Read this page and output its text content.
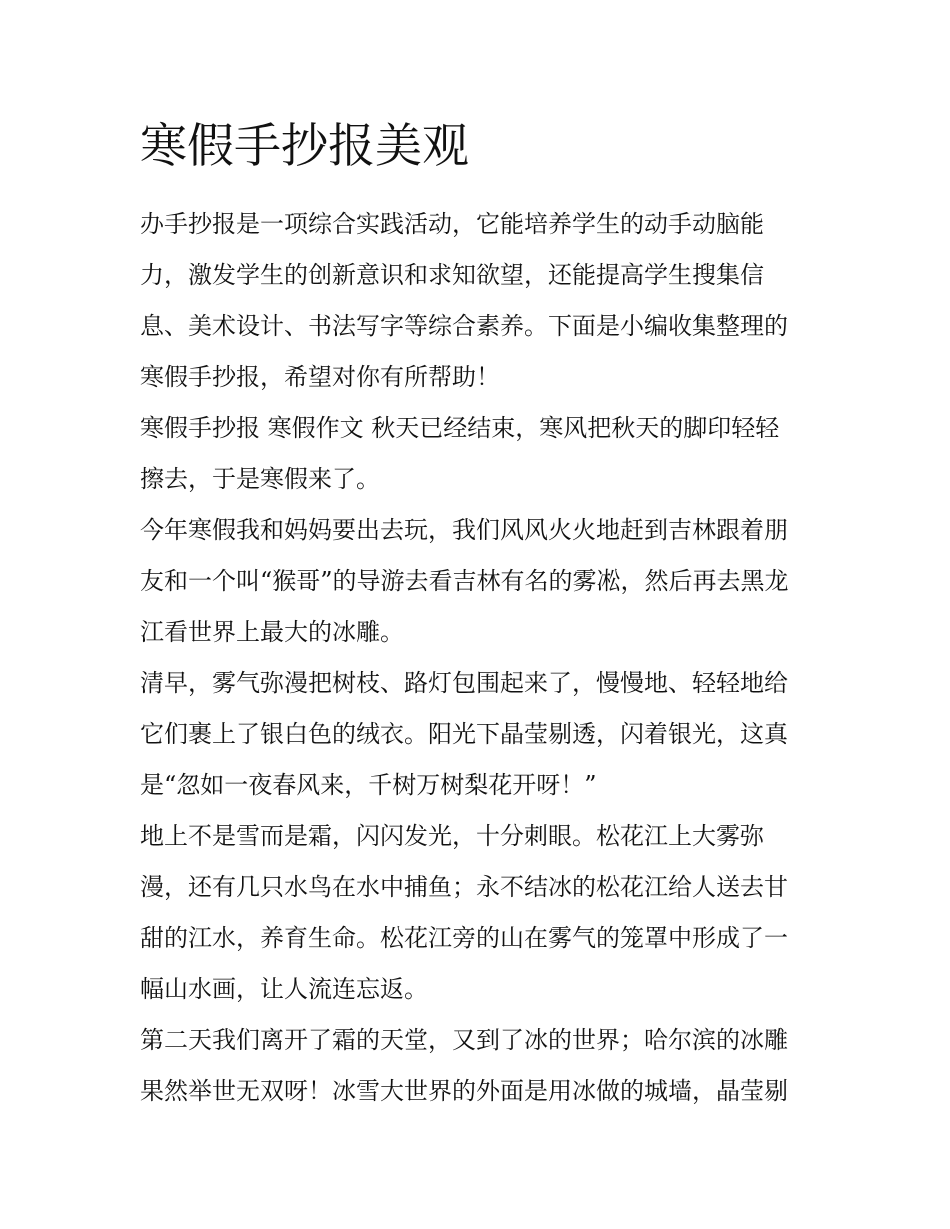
寒假手抄报美观
办手抄报是一项综合实践活动，它能培养学生的动手动脑能
力，激发学生的创新意识和求知欲望，还能提高学生搜集信
息、美术设计、书法写字等综合素养。下面是小编收集整理的
寒假手抄报，希望对你有所帮助！
寒假手抄报 寒假作文 秋天已经结束，寒风把秋天的脚印轻轻
擦去，于是寒假来了。
今年寒假我和妈妈要出去玩，我们风风火火地赶到吉林跟着朋
友和一个叫“猴哥”的导游去看吉林有名的雾凇，然后再去黑龙
江看世界上最大的冰雕。
清早，雾气弥漫把树枝、路灯包围起来了，慢慢地、轻轻地给
它们裹上了银白色的绒衣。阳光下晶莹剔透，闪着银光，这真
是“忽如一夜春风来，千树万树梨花开呀！”
地上不是雪而是霜，闪闪发光，十分刺眼。松花江上大雾弥
漫，还有几只水鸟在水中捕鱼；永不结冰的松花江给人送去甘
甜的江水，养育生命。松花江旁的山在雾气的笼罩中形成了一
幅山水画，让人流连忘返。
第二天我们离开了霜的天堂，又到了冰的世界；哈尔滨的冰雕
果然举世无双呀！冰雪大世界的外面是用冰做的城墙，晶莹剔
